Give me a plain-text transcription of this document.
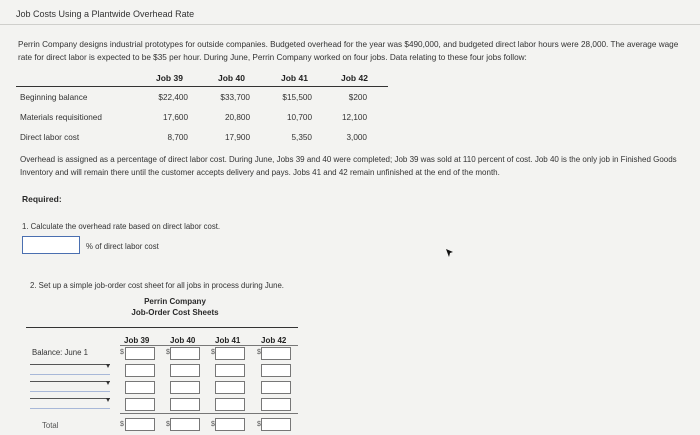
Job Costs Using a Plantwide Overhead Rate
Perrin Company designs industrial prototypes for outside companies. Budgeted overhead for the year was $490,000, and budgeted direct labor hours were 28,000. The average wage rate for direct labor is expected to be $35 per hour. During June, Perrin Company worked on four jobs. Data relating to these four jobs follow:
Job 39	Job 40	Job 41	Job 42
Beginning balance	$22,400	$33,700	$15,500	$200
Materials requisitioned	17,600	20,800	10,700	12,100
Direct labor cost	8,700	17,900	5,350	3,000
Overhead is assigned as a percentage of direct labor cost. During June, Jobs 39 and 40 were completed; Job 39 was sold at 110 percent of cost. Job 40 is the only job in Finished Goods Inventory and will remain there until the customer accepts delivery and pays. Jobs 41 and 42 remain unfinished at the end of the month.
Required:
1. Calculate the overhead rate based on direct labor cost.
% of direct labor cost
2. Set up a simple job-order cost sheet for all jobs in process during June.
Perrin Company
Job-Order Cost Sheets
Job 39	Job 40 Job 41	Job 42
Balance: June 1	$	$	$	$
Total	$	$	$	$
